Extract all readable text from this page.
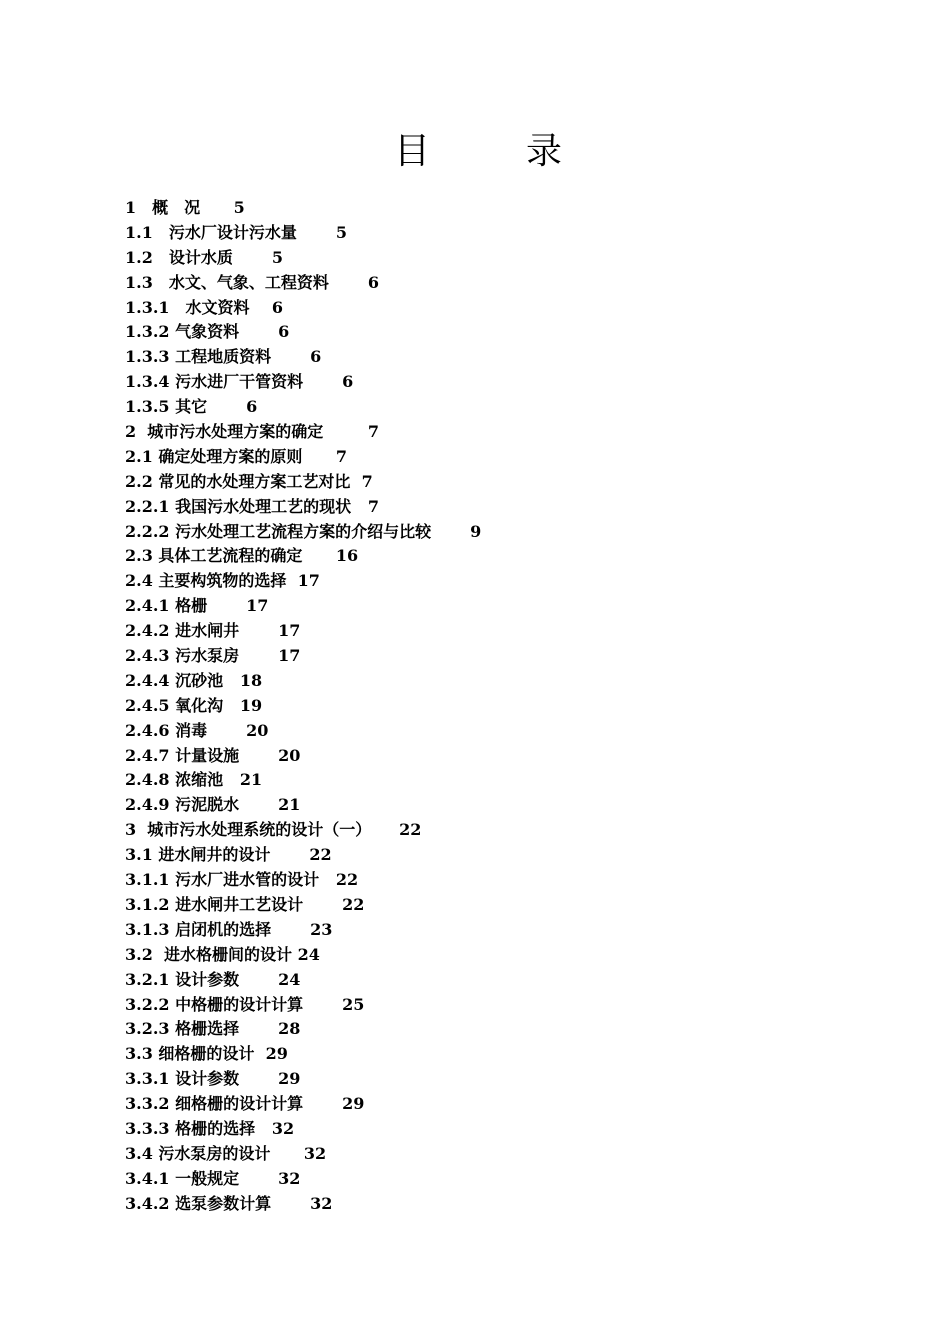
目　录
1　概　况 5
1.1　污水厂设计污水量 5
1.2　设计水质 5
1.3　水文、气象、工程资料 6
1.3.1　水文资料 6
1.3.2 气象资料 6
1.3.3 工程地质资料 6
1.3.4 污水进厂干管资料 6
1.3.5 其它 6
2  城市污水处理方案的确定	7
2.1 确定处理方案的原则 7
2.2 常见的水处理方案工艺对比 7
2.2.1 我国污水处理工艺的现状 7
2.2.2 污水处理工艺流程方案的介绍与比较 9
2.3 具体工艺流程的确定 16
2.4 主要构筑物的选择 17
2.4.1 格栅 17
2.4.2 进水闸井 17
2.4.3 污水泵房 17
2.4.4 沉砂池 18
2.4.5 氧化沟 19
2.4.6 消毒 20
2.4.7 计量设施 20
2.4.8 浓缩池 21
2.4.9 污泥脱水 21
3  城市污水处理系统的设计（一） 22
3.1 进水闸井的设计 22
3.1.1 污水厂进水管的设计 22
3.1.2 进水闸井工艺设计 22
3.1.3 启闭机的选择 23
3.2  进水格栅间的设计 24
3.2.1 设计参数 24
3.2.2 中格栅的设计计算 25
3.2.3 格栅选择 28
3.3 细格栅的设计 29
3.3.1 设计参数 29
3.3.2 细格栅的设计计算 29
3.3.3 格栅的选择 32
3.4 污水泵房的设计 32
3.4.1 一般规定 32
3.4.2 选泵参数计算 32
